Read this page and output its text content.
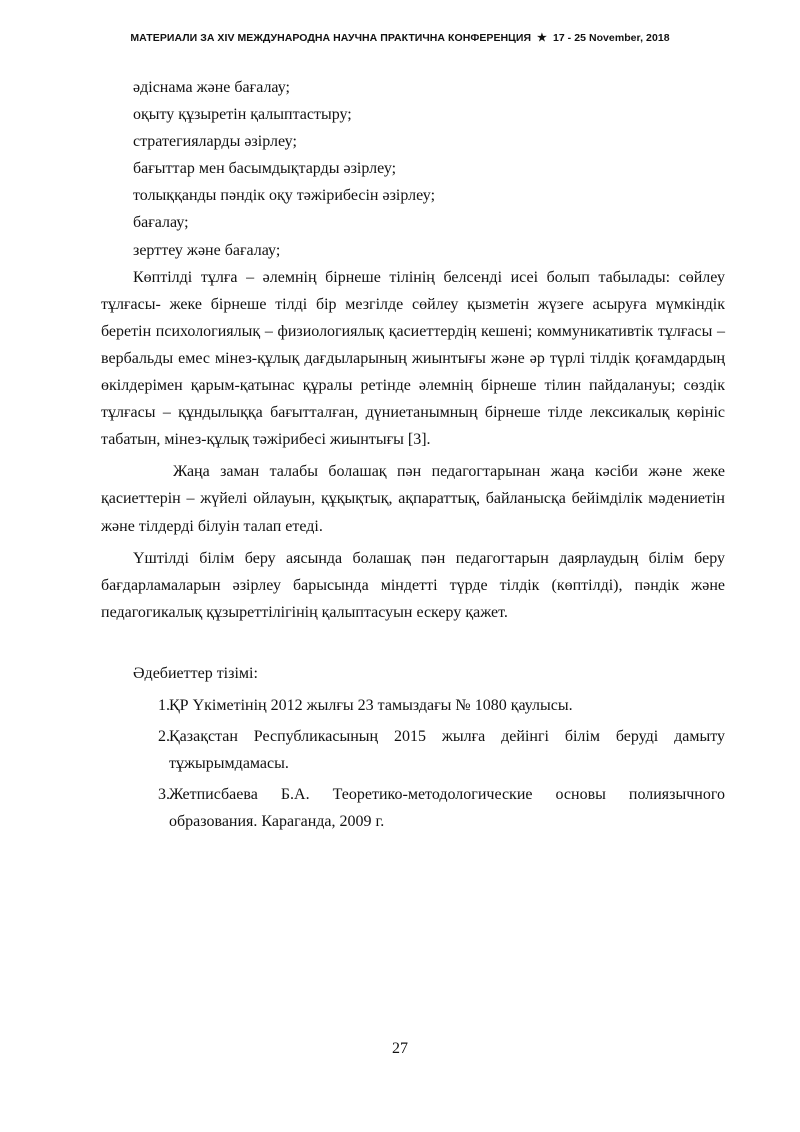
МАТЕРИАЛИ ЗА XIV МЕЖДУНАРОДНА НАУЧНА ПРАКТИЧНА КОНФЕРЕНЦИЯ ★ 17 - 25 November, 2018

әдіснама және бағалау;

оқыту құзыретін қалыптастыру;

стратегияларды әзірлеу;

бағыттар мен басымдықтарды әзірлеу;

толыққанды пәндік оқу тәжірибесін әзірлеу;

бағалау;

зерттеу және бағалау;

Көптілді тұлға – әлемнің бірнеше тілінің белсенді исеі болып табылады: сөйлеу тұлғасы- жеке бірнеше тілді бір мезгілде сөйлеу қызметін жүзеге асыруға мүмкіндік беретін психологиялық – физиологиялық қасиеттердің кешені; коммуникативтік тұлғасы – вербальды емес мінез-құлық дағдыларының жиынтығы және әр түрлі тілдік қоғамдардың өкілдерімен қарым-қатынас құралы ретінде әлемнің бірнеше тілин пайдалануы; сөздік тұлғасы – құндылыққа бағытталған, дүниетанымның бірнеше тілде лексикалық көрініс табатын, мінез-құлық тәжірибесі жиынтығы [3].

Жаңа заман талабы болашақ пән педагогтарынан жаңа кәсіби және жеке қасиеттерін – жүйелі ойлауын, құқықтық, ақпараттық, байланысқа бейімділік мәдениетін және тілдерді білуін талап етеді.

Үштілді білім беру аясында болашақ пән педагогтарын даярлаудың білім беру бағдарламаларын әзірлеу барысында міндетті түрде тілдік (көптілді), пәндік және педагогикалық құзыреттілігінің қалыптасуын ескеру қажет.

Әдебиеттер тізімі:

1. ҚР Үкіметінің 2012 жылғы 23 тамыздағы № 1080 қаулысы.
2. Қазақстан Республикасының 2015 жылға дейінгі білім беруді дамыту тұжырымдамасы.
3. Жетписбаева Б.А. Теоретико-методологические основы полиязычного образования. Караганда, 2009 г.
27
